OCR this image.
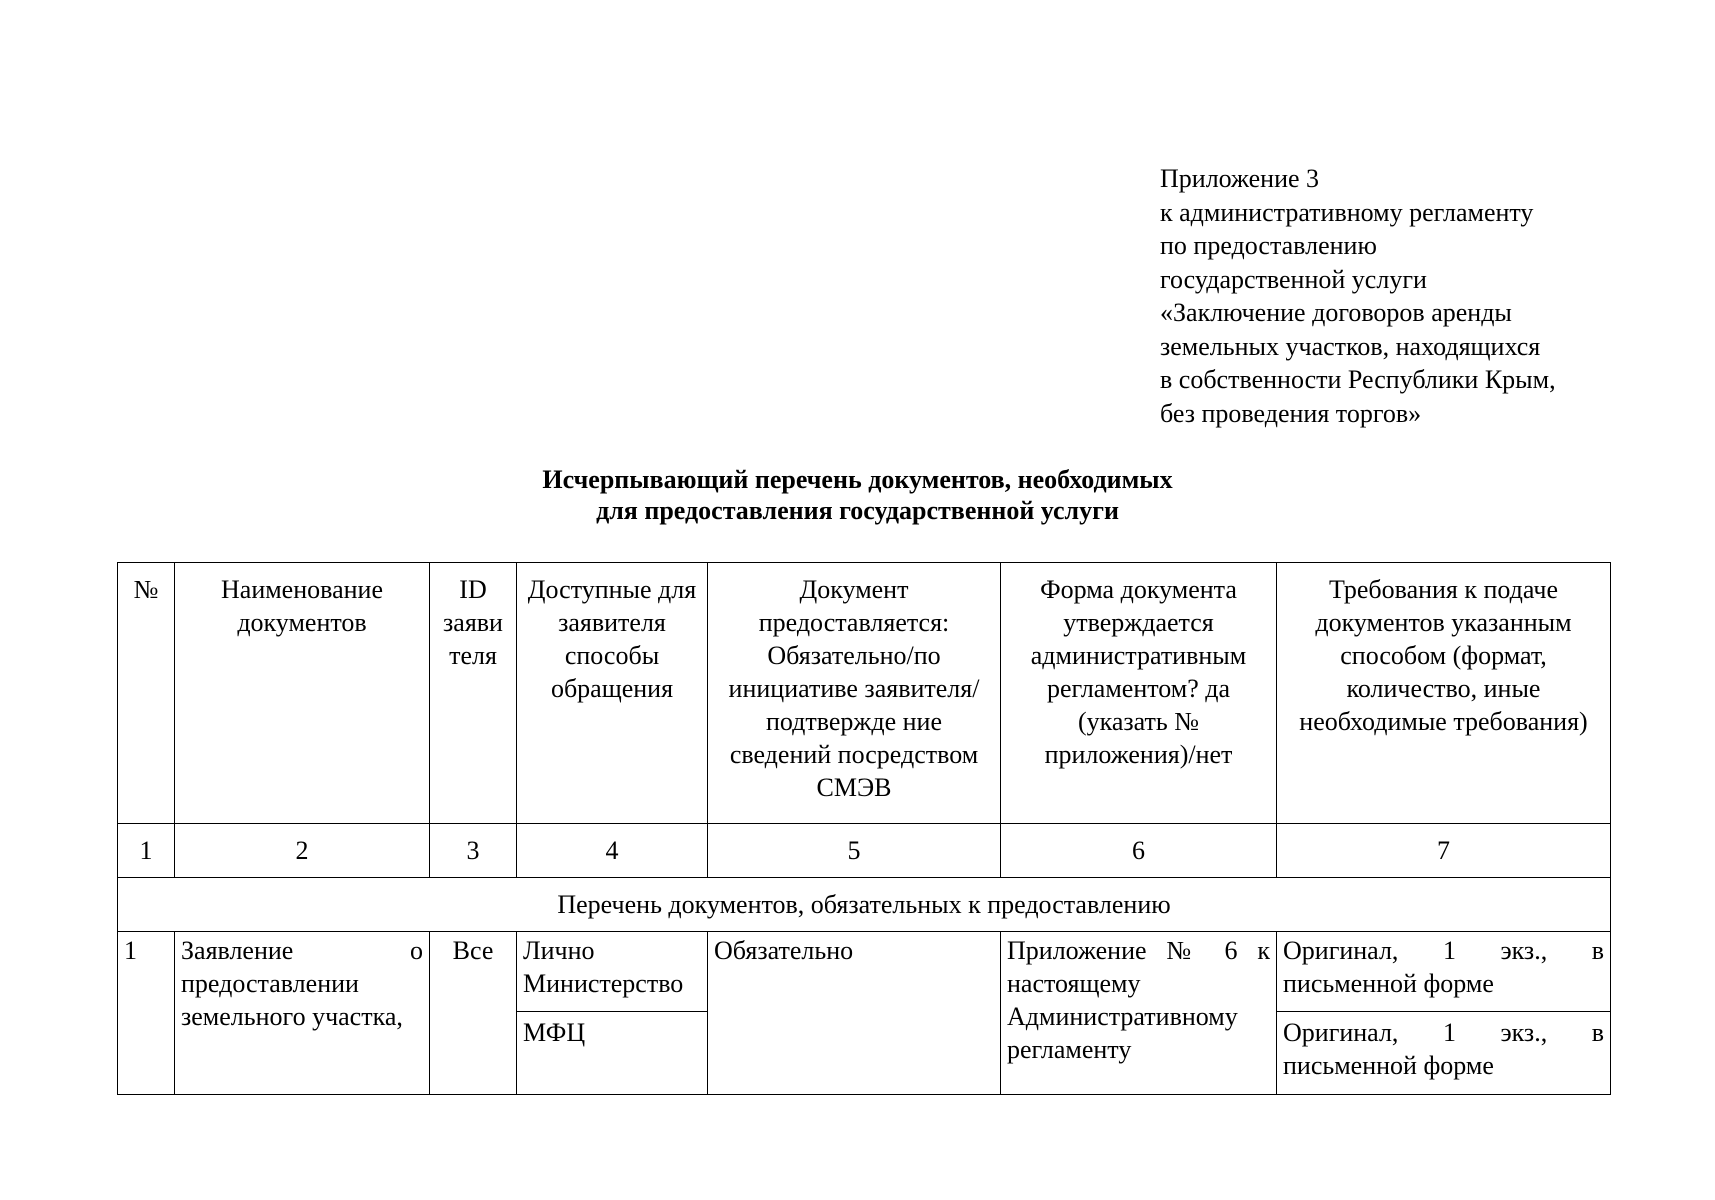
Приложение 3
к административному регламенту
по предоставлению
государственной услуги
«Заключение договоров аренды
земельных участков, находящихся
в собственности Республики Крым,
без проведения торгов»
Исчерпывающий перечень документов, необходимых
для предоставления государственной услуги
№	Наименование документов	ID заяви теля	Доступные для заявителя способы обращения	Документ предоставляется: Обязательно/по инициативе заявителя/подтвержде ние сведений посредством СМЭВ	Форма документа утверждается административным регламентом? да (указать № приложения)/нет	Требования к подаче документов указанным способом (формат, количество, иные необходимые требования)
1	2	3	4	5	6	7
Перечень документов, обязательных к предоставлению						
1	Заявление о предоставлении земельного участка,	Все	Лично Министерство	Обязательно	Приложение № 6 к настоящему Административному регламенту	Оригинал, 1 экз., в письменной форме
			МФЦ			Оригинал, 1 экз., в письменной форме
